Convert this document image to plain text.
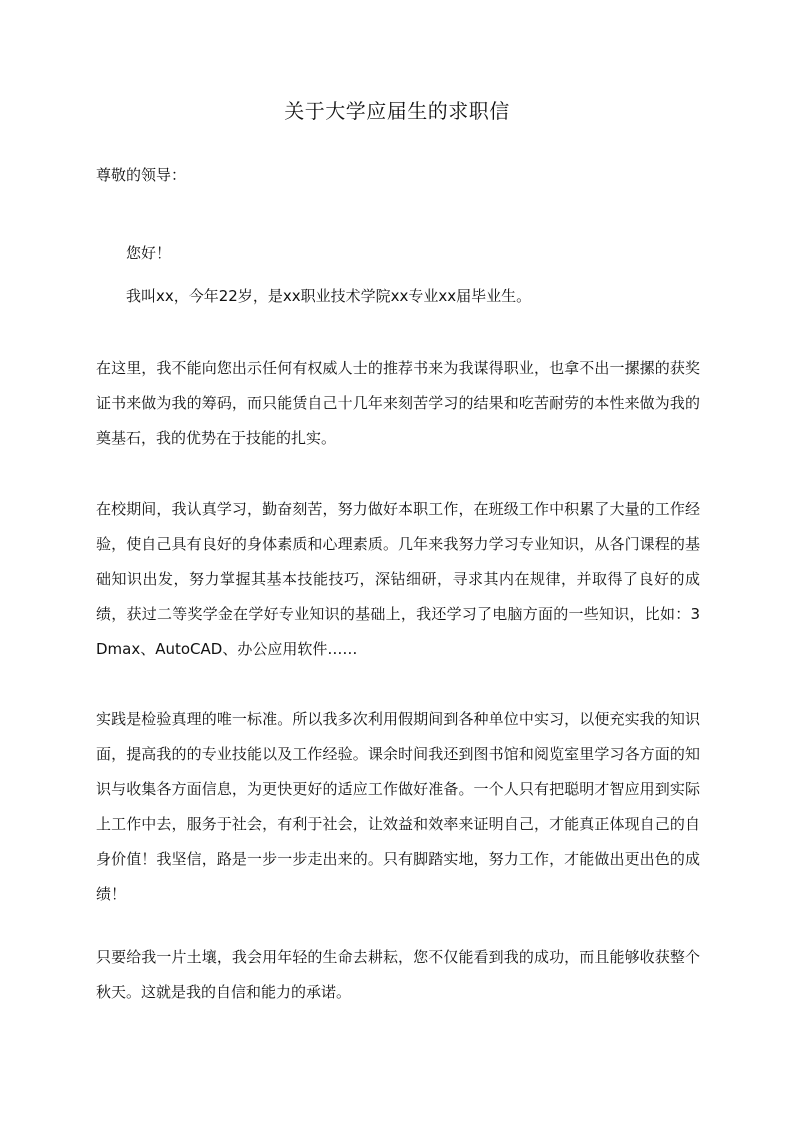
关于大学应届生的求职信

尊敬的领导：

您好！

我叫xx，今年22岁，是xx职业技术学院xx专业xx届毕业生。

在这里，我不能向您出示任何有权威人士的推荐书来为我谋得职业，也拿不出一摞摞的获奖证书来做为我的筹码，而只能赁自己十几年来刻苦学习的结果和吃苦耐劳的本性来做为我的奠基石，我的优势在于技能的扎实。

在校期间，我认真学习，勤奋刻苦，努力做好本职工作，在班级工作中积累了大量的工作经验，使自己具有良好的身体素质和心理素质。几年来我努力学习专业知识，从各门课程的基础知识出发，努力掌握其基本技能技巧，深钻细研，寻求其内在规律，并取得了良好的成绩，获过二等奖学金在学好专业知识的基础上，我还学习了电脑方面的一些知识，比如：3Dmax、AutoCAD、办公应用软件……

实践是检验真理的唯一标准。所以我多次利用假期间到各种单位中实习，以便充实我的知识面，提高我的的专业技能以及工作经验。课余时间我还到图书馆和阅览室里学习各方面的知识与收集各方面信息，为更快更好的适应工作做好准备。一个人只有把聪明才智应用到实际上工作中去，服务于社会，有利于社会，让效益和效率来证明自己，才能真正体现自己的自身价值！我坚信，路是一步一步走出来的。只有脚踏实地，努力工作，才能做出更出色的成绩！

只要给我一片土壤，我会用年轻的生命去耕耘，您不仅能看到我的成功，而且能够收获整个秋天。这就是我的自信和能力的承诺。
